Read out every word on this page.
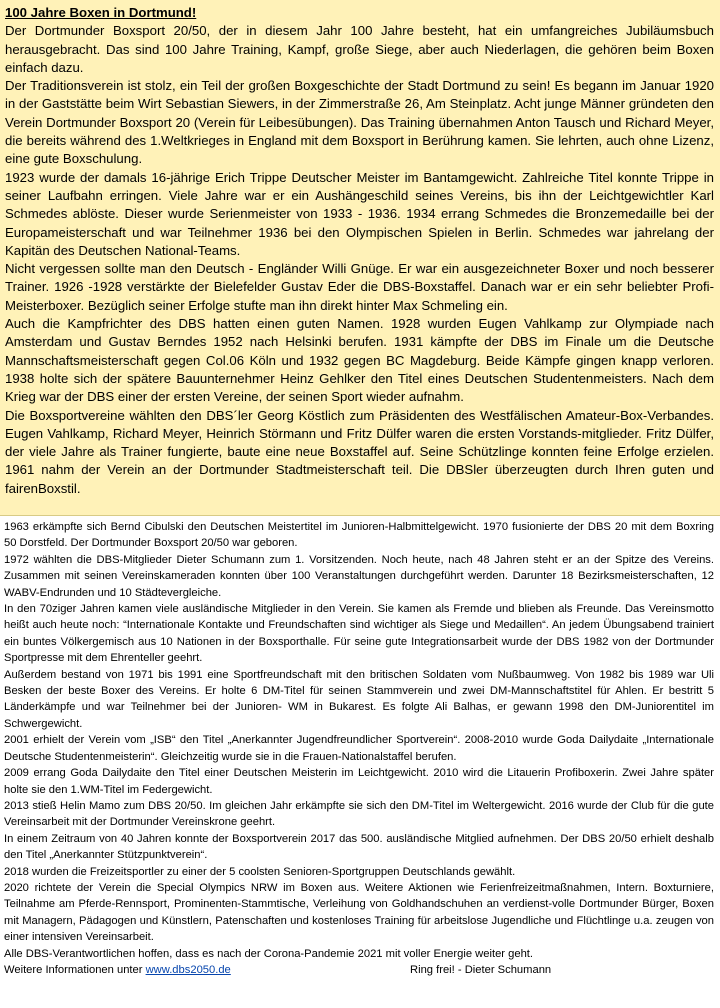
100 Jahre Boxen in Dortmund!

Der Dortmunder Boxsport 20/50, der in diesem Jahr 100 Jahre besteht, hat ein umfangreiches Jubiläumsbuch herausgebracht. Das sind 100 Jahre Training, Kampf, große Siege, aber auch Niederlagen, die gehören beim Boxen einfach dazu.

Der Traditionsverein ist stolz, ein Teil der großen Boxgeschichte der Stadt Dortmund zu sein! Es begann im Januar 1920 in der Gaststätte beim Wirt Sebastian Siewers, in der Zimmerstraße 26, Am Steinplatz. Acht junge Männer gründeten den Verein Dortmunder Boxsport 20 (Verein für Leibesübungen). Das Training übernahmen Anton Tausch und Richard Meyer, die bereits während des 1.Weltkrieges in England mit dem Boxsport in Berührung kamen. Sie lehrten, auch ohne Lizenz, eine gute Boxschulung.

1923 wurde der damals 16-jährige Erich Trippe Deutscher Meister im Bantamgewicht. Zahlreiche Titel konnte Trippe in seiner Laufbahn erringen. Viele Jahre war er ein Aushängeschild seines Vereins, bis ihn der Leichtgewichtler Karl Schmedes ablöste. Dieser wurde Serienmeister von 1933 - 1936. 1934 errang Schmedes die Bronzemedaille bei der Europameisterschaft und war Teilnehmer 1936 bei den Olympischen Spielen in Berlin. Schmedes war jahrelang der Kapitän des Deutschen National-Teams.

Nicht vergessen sollte man den Deutsch - Engländer Willi Gnüge. Er war ein ausgezeichneter Boxer und noch besserer Trainer. 1926 -1928 verstärkte der Bielefelder Gustav Eder die DBS-Boxstaffel. Danach war er ein sehr beliebter Profi-Meisterboxer. Bezüglich seiner Erfolge stufte man ihn direkt hinter Max Schmeling ein.

Auch die Kampfrichter des DBS hatten einen guten Namen. 1928 wurden Eugen Vahlkamp zur Olympiade nach Amsterdam und Gustav Berndes 1952 nach Helsinki berufen. 1931 kämpfte der DBS im Finale um die Deutsche Mannschaftsmeisterschaft gegen Col.06 Köln und 1932 gegen BC Magdeburg. Beide Kämpfe gingen knapp verloren. 1938 holte sich der spätere Bauunternehmer Heinz Gehlker den Titel eines Deutschen Studentenmeisters. Nach dem Krieg war der DBS einer der ersten Vereine, der seinen Sport wieder aufnahm.

Die Boxsportvereine wählten den DBS´ler Georg Köstlich zum Präsidenten des Westfälischen Amateur-Box-Verbandes. Eugen Vahlkamp, Richard Meyer, Heinrich Störmann und Fritz Dülfer waren die ersten Vorstands-mitglieder. Fritz Dülfer, der viele Jahre als Trainer fungierte, baute eine neue Boxstaffel auf. Seine Schützlinge konnten feine Erfolge erzielen. 1961 nahm der Verein an der Dortmunder Stadtmeisterschaft teil. Die DBSler überzeugten durch Ihren guten und fairenBoxstil.

1963 erkämpfte sich Bernd Cibulski den Deutschen Meistertitel im Junioren-Halbmittelgewicht. 1970 fusionierte der DBS 20 mit dem Boxring 50 Dorstfeld. Der Dortmunder Boxsport 20/50 war geboren.

1972 wählten die DBS-Mitglieder Dieter Schumann zum 1. Vorsitzenden. Noch heute, nach 48 Jahren steht er an der Spitze des Vereins. Zusammen mit seinen Vereinskameraden konnten über 100 Veranstaltungen durchgeführt werden. Darunter 18 Bezirksmeisterschaften, 12 WABV-Endrunden und 10 Städtevergleiche.

In den 70ziger Jahren kamen viele ausländische Mitglieder in den Verein. Sie kamen als Fremde und blieben als Freunde. Das Vereinsmotto heißt auch heute noch: “Internationale Kontakte und Freundschaften sind wichtiger als Siege und Medaillen“. An jedem Übungsabend trainiert ein buntes Völkergemisch aus 10 Nationen in der Boxsporthalle. Für seine gute Integrationsarbeit wurde der DBS 1982 von der Dortmunder Sportpresse mit dem Ehrenteller geehrt.

Außerdem bestand von 1971 bis 1991 eine Sportfreundschaft mit den britischen Soldaten vom Nußbaumweg. Von 1982 bis 1989 war Uli Besken der beste Boxer des Vereins. Er holte 6 DM-Titel für seinen Stammverein und zwei DM-Mannschaftstitel für Ahlen. Er bestritt 5 Länderkämpfe und war Teilnehmer bei der Junioren- WM in Bukarest. Es folgte Ali Balhas, er gewann 1998 den DM-Juniorentitel im Schwergewicht.

2001 erhielt der Verein vom „ISB“ den Titel „Anerkannter Jugendfreundlicher Sportverein“. 2008-2010 wurde Goda Dailydaite „Internationale Deutsche Studentenmeisterin“. Gleichzeitig wurde sie in die Frauen-Nationalstaffel berufen.

2009 errang Goda Dailydaite den Titel einer Deutschen Meisterin im Leichtgewicht. 2010 wird die Litauerin Profiboxerin. Zwei Jahre später holte sie den 1.WM-Titel im Federgewicht.

2013 stieß Helin Mamo zum DBS 20/50. Im gleichen Jahr erkämpfte sie sich den DM-Titel im Weltergewicht. 2016 wurde der Club für die gute Vereinsarbeit mit der Dortmunder Vereinskrone geehrt.

In einem Zeitraum von 40 Jahren konnte der Boxsportverein 2017 das 500. ausländische Mitglied aufnehmen. Der DBS 20/50 erhielt deshalb den Titel „Anerkannter Stützpunktverein“.

2018 wurden die Freizeitsportler zu einer der 5 coolsten Senioren-Sportgruppen Deutschlands gewählt.

2020 richtete der Verein die Special Olympics NRW im Boxen aus. Weitere Aktionen wie Ferienfreizeitmaßnahmen, Intern. Boxturniere, Teilnahme am Pferde-Rennsport, Prominenten-Stammtische, Verleihung von Goldhandschuhen an verdienst-volle Dortmunder Bürger, Boxen mit Managern, Pädagogen und Künstlern, Patenschaften und kostenloses Training für arbeitslose Jugendliche und Flüchtlinge u.a. zeugen von einer intensiven Vereinsarbeit.

Alle DBS-Verantwortlichen hoffen, dass es nach der Corona-Pandemie 2021 mit voller Energie weiter geht.

Weitere Informationen unter www.dbs2050.de	Ring frei! - Dieter Schumann
